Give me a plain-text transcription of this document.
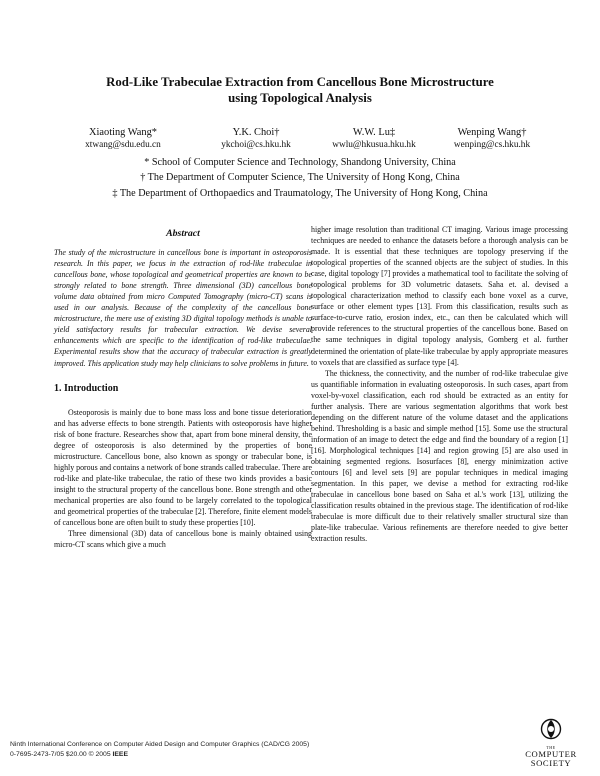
Rod-Like Trabeculae Extraction from Cancellous Bone Microstructure
using Topological Analysis
Xiaoting Wang*	Y.K. Choi†	W.W. Lu‡	Wenping Wang†
xtwang@sdu.edu.cn	ykchoi@cs.hku.hk	wwlu@hkusua.hku.hk	wenping@cs.hku.hk
* School of Computer Science and Technology, Shandong University, China
† The Department of Computer Science, The University of Hong Kong, China
‡ The Department of Orthopaedics and Traumatology, The University of Hong Kong, China
Abstract

The study of the microstructure in cancellous bone is important in osteoporosis research. In this paper, we focus in the extraction of rod-like trabeculae in cancellous bone, whose topological and geometrical properties are known to be strongly related to bone strength. Three dimensional (3D) cancellous bone volume data obtained from micro Computed Tomography (micro-CT) scans is used in our analysis. Because of the complexity of the cancellous bone microstructure, the mere use of existing 3D digital topology methods is unable to yield satisfactory results for trabecular extraction. We devise several enhancements which are specific to the identification of rod-like trabeculae. Experimental results show that the accuracy of trabecular extraction is greatly improved. This application study may help clinicians to solve problems in future.

1. Introduction

Osteoporosis is mainly due to bone mass loss and bone tissue deterioration and has adverse effects to bone strength. Patients with osteoporosis have higher risk of bone fracture. Researches show that, apart from bone mineral density, the degree of osteoporosis is also determined by the properties of bone microstructure. Cancellous bone, also known as spongy or trabecular bone, is highly porous and contains a network of bone strands called trabeculae. There are rod-like and plate-like trabeculae, the ratio of these two kinds provides a basic insight to the structural property of the cancellous bone. Bone strength and other mechanical properties are also found to be largely correlated to the topological and geometrical properties of the trabeculae [2]. Therefore, finite element models of cancellous bone are often built to study these properties [10].

Three dimensional (3D) data of cancellous bone is mainly obtained using micro-CT scans which give a much

higher image resolution than traditional CT imaging. Various image processing techniques are needed to enhance the datasets before a thorough analysis can be made. It is essential that these techniques are topology preserving if the topological properties of the scanned objects are the subject of studies. In this case, digital topology [7] provides a mathematical tool to facilitate the solving of topological problems for 3D volumetric datasets. Saha et. al. devised a topological characterization method to classify each bone voxel as a curve, surface or other element types [13]. From this classification, results such as surface-to-curve ratio, erosion index, etc., can then be calculated which will provide references to the structural properties of the cancellous bone. Based on the same techniques in digital topology analysis, Gomberg et al. further determined the orientation of plate-like trabeculae by apply appropriate measures to voxels that are classified as surface type [4].

The thickness, the connectivity, and the number of rod-like trabeculae give us quantifiable information in evaluating osteoporosis. In such cases, apart from voxel-by-voxel classification, each rod should be extracted as an entity for further analysis. There are various segmentation algorithms that work best depending on the different nature of the volume dataset and the applications behind. Thresholding is a basic and simple method [15]. Some use the structural information of an image to detect the edge and find the boundary of a region [1][16]. Morphological techniques [14] and region growing [5] are also used in obtaining segmented regions. Isosurfaces [8], energy minimization active contours [6] and level sets [9] are popular techniques in medical imaging segmentation. In this paper, we devise a method for extracting rod-like trabeculae in cancellous bone based on Saha et al.'s work [13], utilizing the classification results obtained in the previous stage. The identification of rod-like trabeculae is more difficult due to their relatively smaller structural size than plate-like trabeculae. Various refinements are therefore needed to give better extraction results.

Ninth International Conference on Computer Aided Design and Computer Graphics (CAD/CG 2005)
0-7695-2473-7/05 $20.00 © 2005 IEEE
THE
COMPUTER
SOCIETY
